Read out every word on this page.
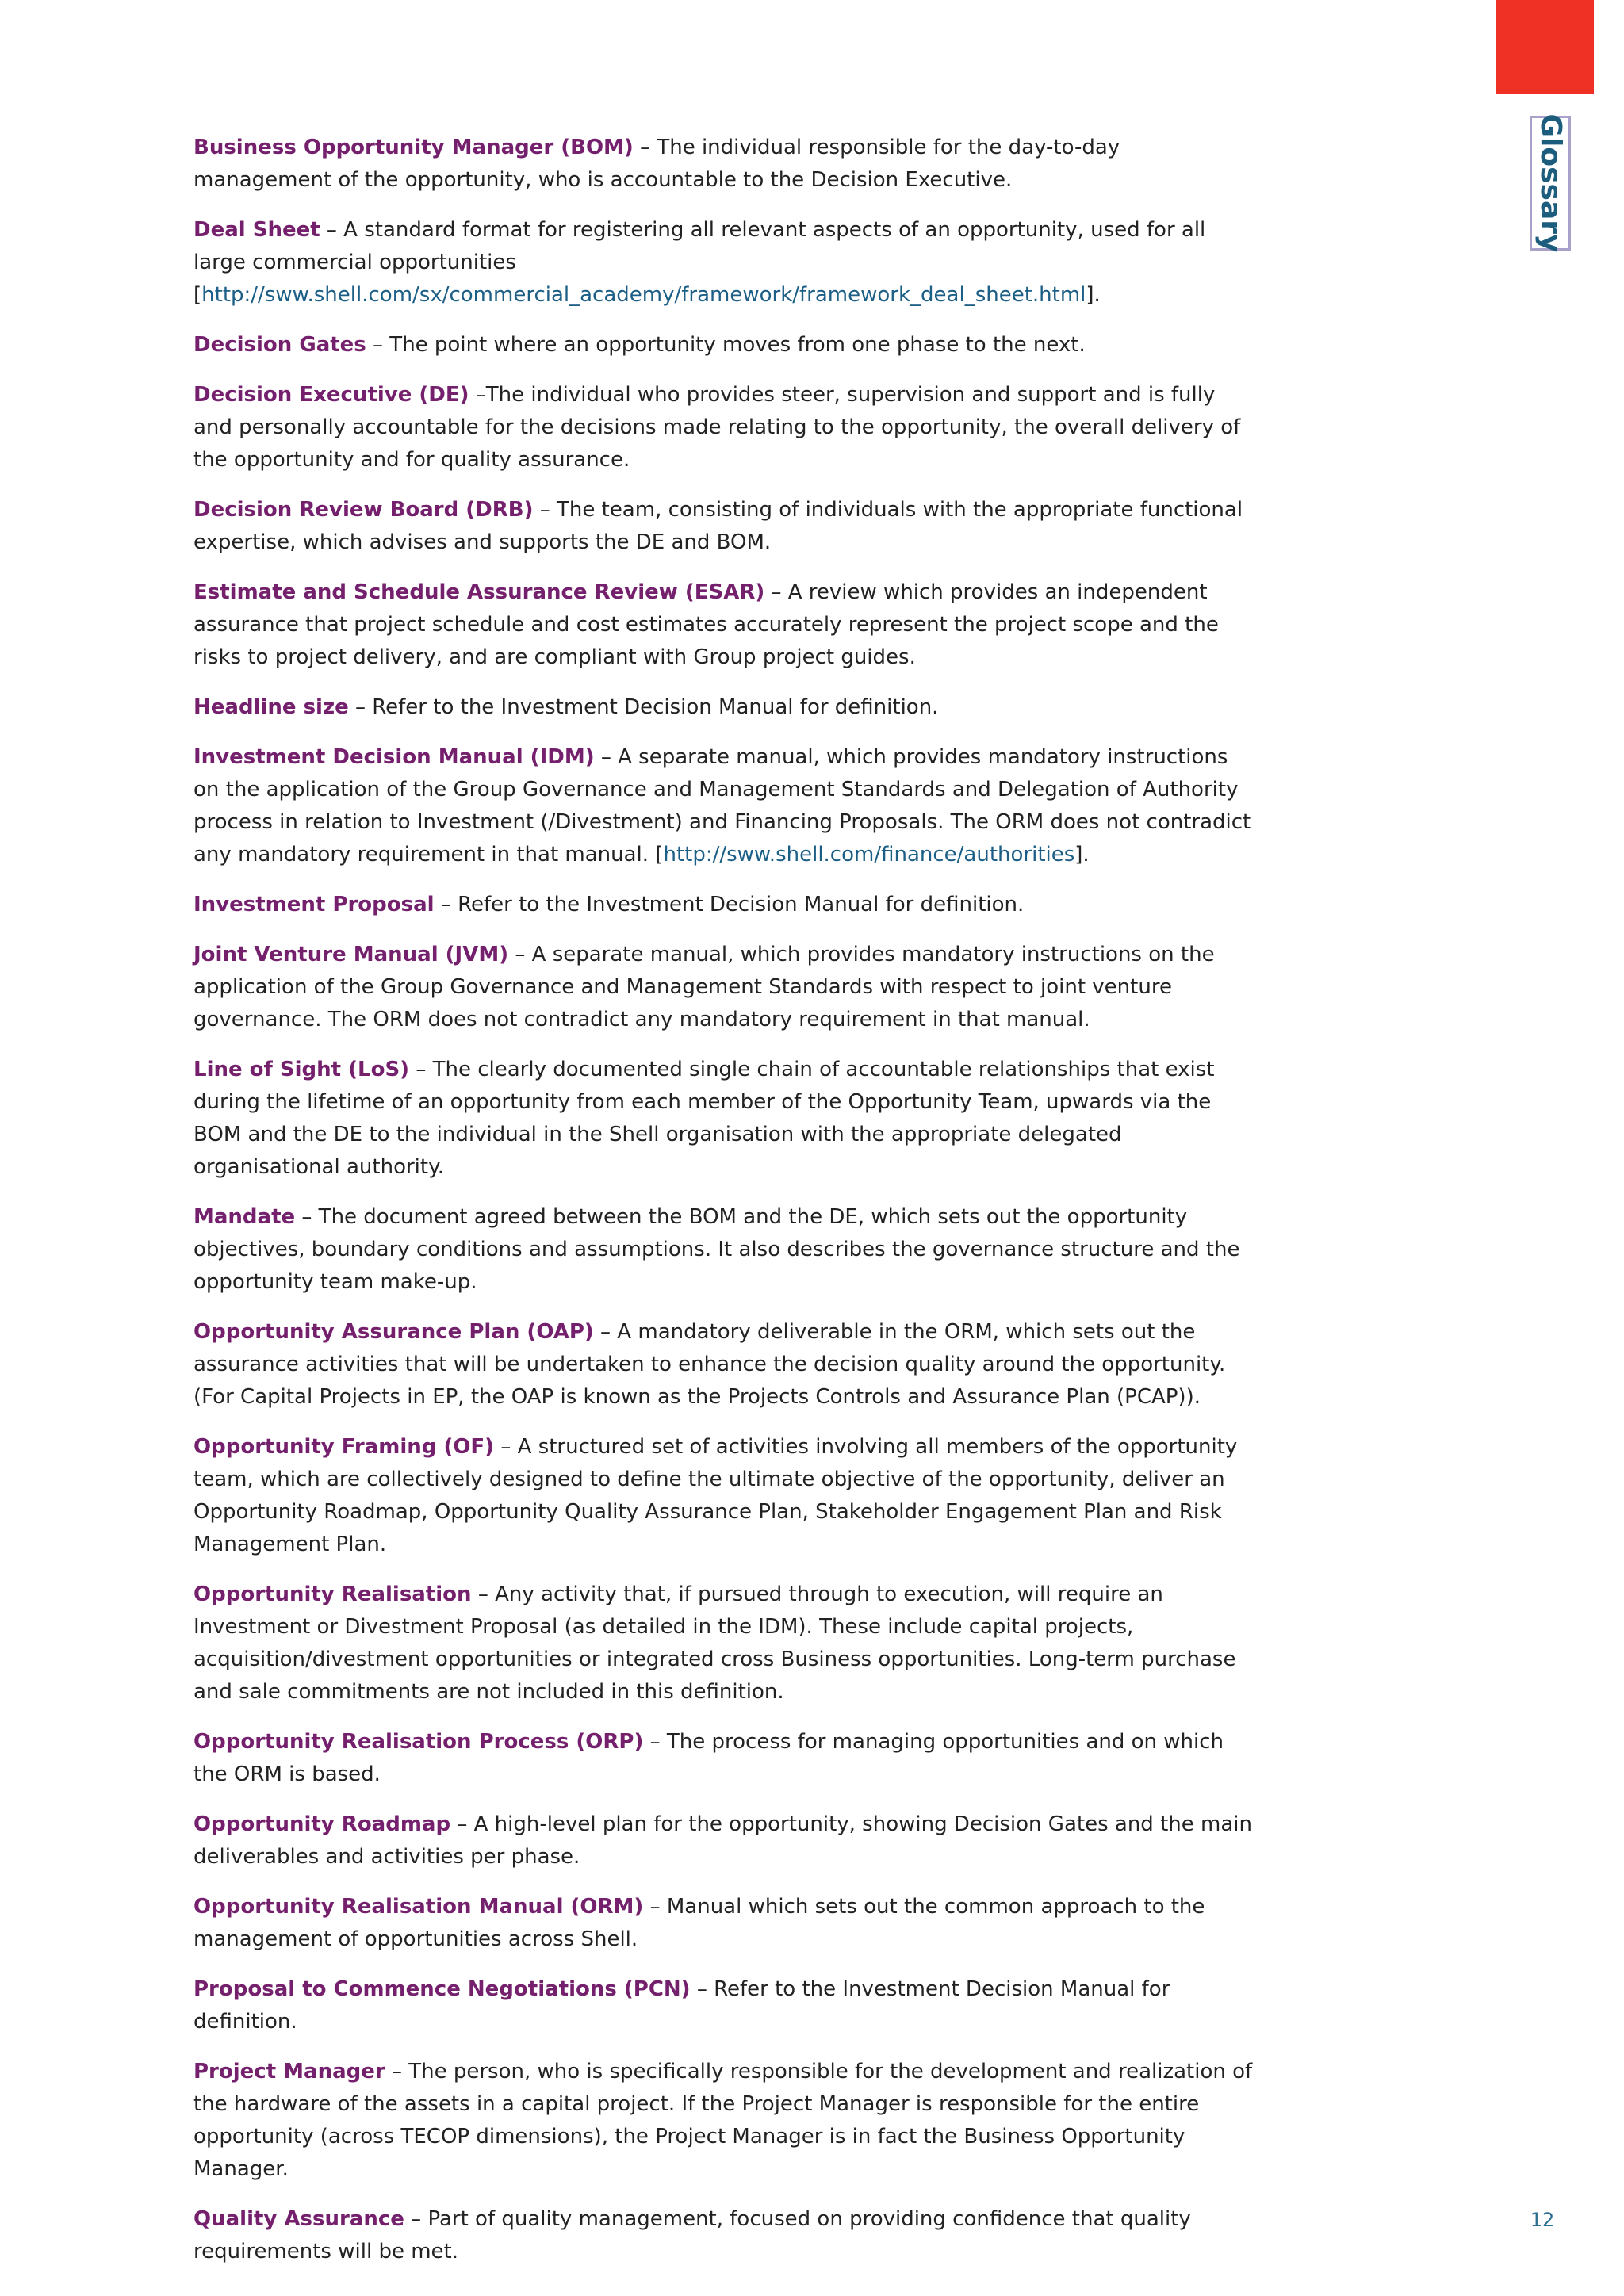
Glossary

Business Opportunity Manager (BOM) – The individual responsible for the day-to-day management of the opportunity, who is accountable to the Decision Executive.

Deal Sheet – A standard format for registering all relevant aspects of an opportunity, used for all large commercial opportunities [http://sww.shell.com/sx/commercial_academy/framework/framework_deal_sheet.html].

Decision Gates – The point where an opportunity moves from one phase to the next.

Decision Executive (DE) –The individual who provides steer, supervision and support and is fully and personally accountable for the decisions made relating to the opportunity, the overall delivery of the opportunity and for quality assurance.

Decision Review Board (DRB) – The team, consisting of individuals with the appropriate functional expertise, which advises and supports the DE and BOM.

Estimate and Schedule Assurance Review (ESAR) – A review which provides an independent assurance that project schedule and cost estimates accurately represent the project scope and the risks to project delivery, and are compliant with Group project guides.

Headline size – Refer to the Investment Decision Manual for definition.

Investment Decision Manual (IDM) – A separate manual, which provides mandatory instructions on the application of the Group Governance and Management Standards and Delegation of Authority process in relation to Investment (/Divestment) and Financing Proposals. The ORM does not contradict any mandatory requirement in that manual. [http://sww.shell.com/finance/authorities].

Investment Proposal – Refer to the Investment Decision Manual for definition.

Joint Venture Manual (JVM) – A separate manual, which provides mandatory instructions on the application of the Group Governance and Management Standards with respect to joint venture governance. The ORM does not contradict any mandatory requirement in that manual.

Line of Sight (LoS) – The clearly documented single chain of accountable relationships that exist during the lifetime of an opportunity from each member of the Opportunity Team, upwards via the BOM and the DE to the individual in the Shell organisation with the appropriate delegated organisational authority.

Mandate – The document agreed between the BOM and the DE, which sets out the opportunity objectives, boundary conditions and assumptions. It also describes the governance structure and the opportunity team make-up.

Opportunity Assurance Plan (OAP) – A mandatory deliverable in the ORM, which sets out the assurance activities that will be undertaken to enhance the decision quality around the opportunity. (For Capital Projects in EP, the OAP is known as the Projects Controls and Assurance Plan (PCAP)).

Opportunity Framing (OF) – A structured set of activities involving all members of the opportunity team, which are collectively designed to define the ultimate objective of the opportunity, deliver an Opportunity Roadmap, Opportunity Quality Assurance Plan, Stakeholder Engagement Plan and Risk Management Plan.

Opportunity Realisation – Any activity that, if pursued through to execution, will require an Investment or Divestment Proposal (as detailed in the IDM). These include capital projects, acquisition/divestment opportunities or integrated cross Business opportunities. Long-term purchase and sale commitments are not included in this definition.

Opportunity Realisation Process (ORP) – The process for managing opportunities and on which the ORM is based.

Opportunity Roadmap – A high-level plan for the opportunity, showing Decision Gates and the main deliverables and activities per phase.

Opportunity Realisation Manual (ORM) – Manual which sets out the common approach to the management of opportunities across Shell.

Proposal to Commence Negotiations (PCN) – Refer to the Investment Decision Manual for definition.

Project Manager – The person, who is specifically responsible for the development and realization of the hardware of the assets in a capital project. If the Project Manager is responsible for the entire opportunity (across TECOP dimensions), the Project Manager is in fact the Business Opportunity Manager.

Quality Assurance – Part of quality management, focused on providing confidence that quality requirements will be met.

12
